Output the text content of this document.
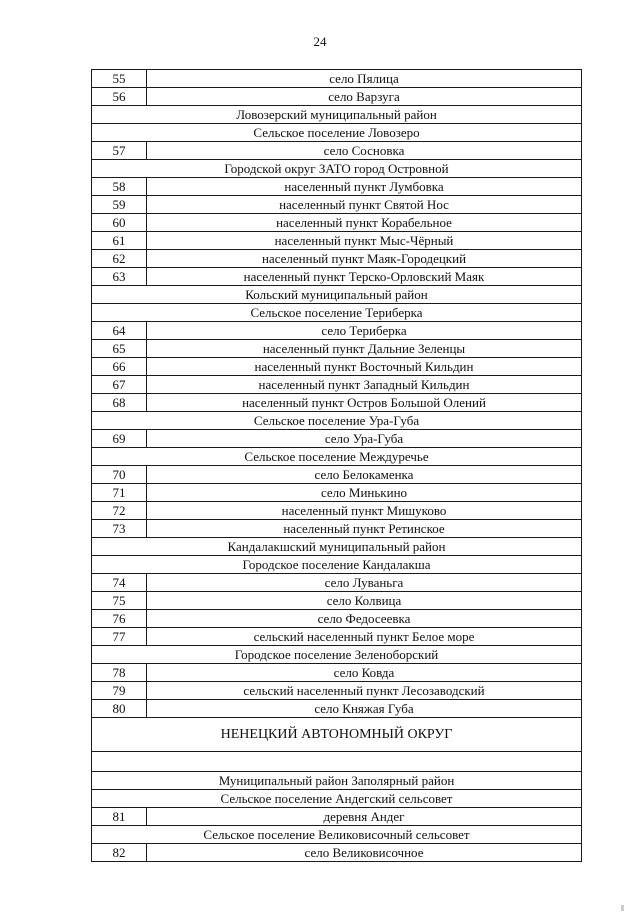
24
55	село Пялица
56	село Варзуга
Ловозерский муниципальный район	
Сельское поселение Ловозеро	
57	село Сосновка
Городской округ ЗАТО город Островной	
58	населенный пункт Лумбовка
59	населенный пункт Святой Нос
60	населенный пункт Корабельное
61	населенный пункт Мыс-Чёрный
62	населенный пункт Маяк-Городецкий
63	населенный пункт Терско-Орловский Маяк
Кольский муниципальный район	
Сельское поселение Териберка	
64	село Териберка
65	населенный пункт Дальние Зеленцы
66	населенный пункт Восточный Кильдин
67	населенный пункт Западный Кильдин
68	населенный пункт Остров Большой Олений
Сельское поселение Ура-Губа	
69	село Ура-Губа
Сельское поселение Междуречье	
70	село Белокаменка
71	село Минькино
72	населенный пункт Мишуково
73	населенный пункт Ретинское
Кандалакшский муниципальный район	
Городское поселение Кандалакша	
74	село Луваньга
75	село Колвица
76	село Федосеевка
77	сельский населенный пункт Белое море
Городское поселение Зеленоборский	
78	село Ковда
79	сельский населенный пункт Лесозаводский
80	село Княжая Губа
НЕНЕЦКИЙ АВТОНОМНЫЙ ОКРУГ	

Муниципальный район Заполярный район	
Сельское поселение Андегский сельсовет	
81	деревня Андег
Сельское поселение Великовисочный сельсовет	
82	село Великовисочное
